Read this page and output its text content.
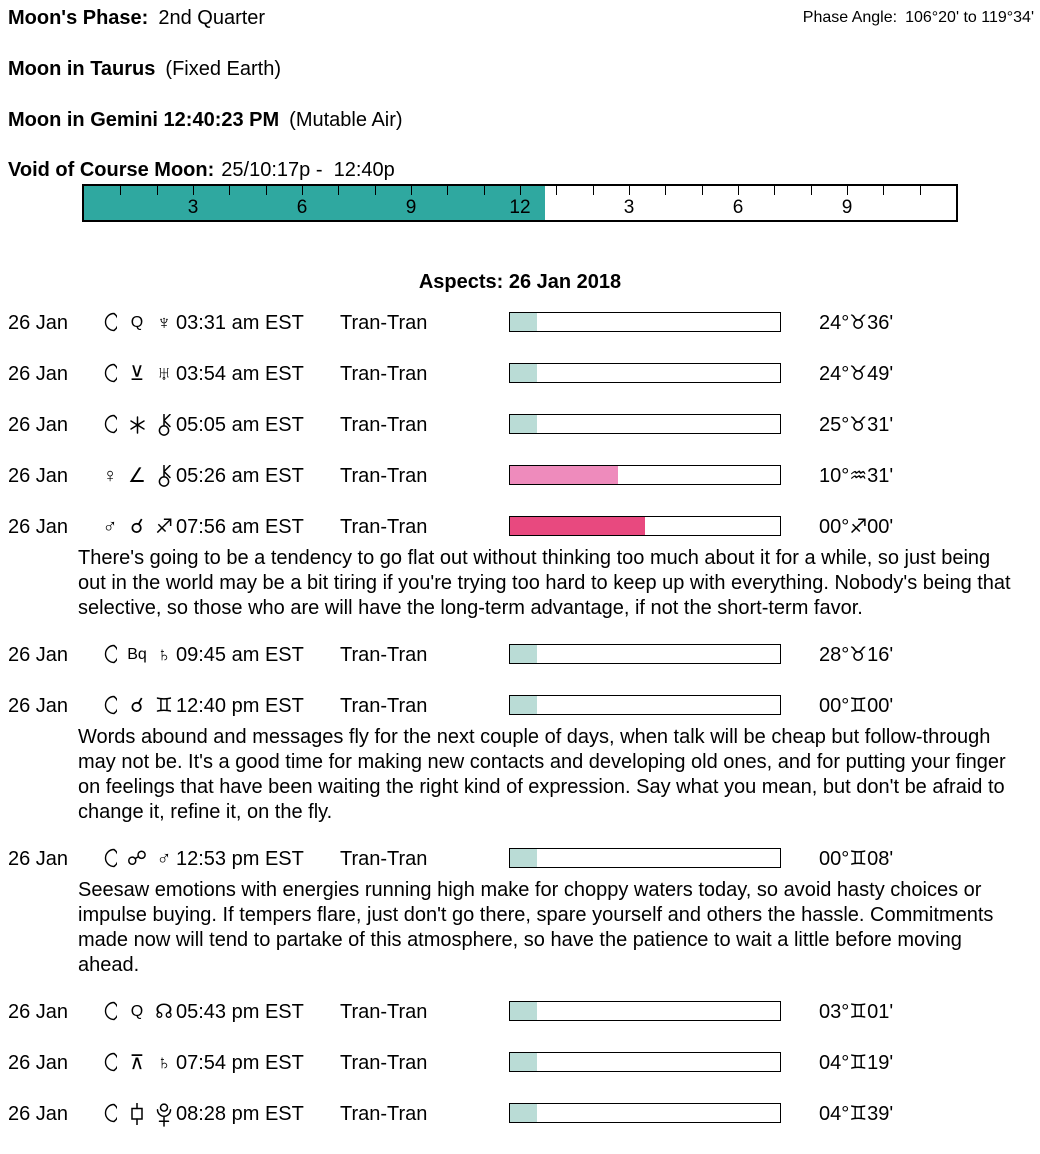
Moon's Phase: 2nd Quarter	Phase Angle: 106°20' to 119°34'
Moon in Taurus (Fixed Earth)
Moon in Gemini 12:40:23 PM (Mutable Air)
Void of Course Moon: 25/10:17p -  12:40p
3	6	9	12	3	6	9
Aspects: 26 Jan 2018
26 Jan	Q ♆ 03:31 am EST Tran-Tran	24°♉36'
26 Jan	⊻ ♅ 03:54 am EST Tran-Tran	24°♉49'
26 Jan	05:05 am EST Tran-Tran	25°♉31'
26 Jan ♀ ∠ 05:26 am EST Tran-Tran	10°♒31'
26 Jan ♂ ☌ ♐ 07:56 am EST Tran-Tran	00°♐00'

There's going to be a tendency to go flat out without thinking too much about it for a while, so just being out in the world may be a bit tiring if you're trying too hard to keep up with everything. Nobody's being that selective, so those who are will have the long-term advantage, if not the short-term favor.

26 Jan	Bq ♄ 09:45 am EST Tran-Tran	28°♉16'
26 Jan	☌ ♊ 12:40 pm EST Tran-Tran	00°♊00'

Words abound and messages fly for the next couple of days, when talk will be cheap but follow-through may not be. It's a good time for making new contacts and developing old ones, and for putting your finger on feelings that have been waiting the right kind of expression. Say what you mean, but don't be afraid to change it, refine it, on the fly.

26 Jan	☍ ♂ 12:53 pm EST Tran-Tran	00°♊08'

Seesaw emotions with energies running high make for choppy waters today, so avoid hasty choices or impulse buying. If tempers flare, just don't go there, spare yourself and others the hassle. Commitments made now will tend to partake of this atmosphere, so have the patience to wait a little before moving ahead.

26 Jan	Q ☊ 05:43 pm EST Tran-Tran	03°♊01'
26 Jan	⊼ ♄ 07:54 pm EST Tran-Tran	04°♊19'
26 Jan	08:28 pm EST Tran-Tran	04°♊39'
